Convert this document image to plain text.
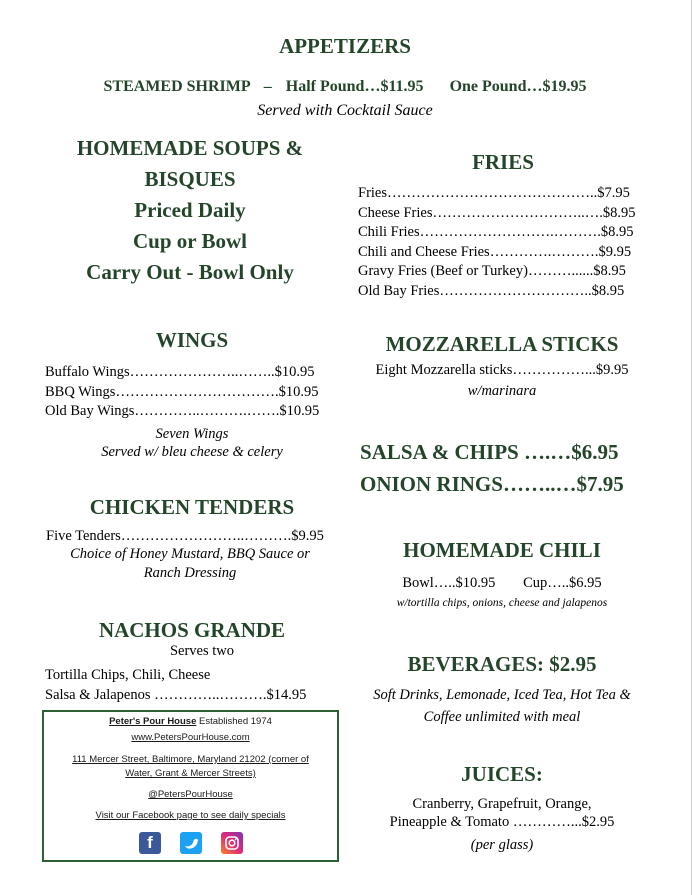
APPETIZERS
STEAMED SHRIMP – Half Pound…$11.95 One Pound…$19.95
Served with Cocktail Sauce
HOMEMADE SOUPS &
BISQUES
Priced Daily
Cup or Bowl
Carry Out - Bowl Only
FRIES
Fries……………………………………..$7.95
Cheese Fries…………………………..….$8.95
Chili Fries……………………….……….$8.95
Chili and Cheese Fries………….……….$9.95
Gravy Fries (Beef or Turkey)………......$8.95
Old Bay Fries…………………………..$8.95
WINGS
Buffalo Wings…………………..……..$10.95
BBQ Wings…………………………….$10.95
Old Bay Wings…………..……….…….$10.95
Seven Wings
Served w/ bleu cheese & celery
MOZZARELLA STICKS
Eight Mozzarella sticks……………...$9.95
w/marinara
SALSA & CHIPS ….…$6.95
ONION RINGS……..…$7.95
CHICKEN TENDERS
Five Tenders……………………..……….$9.95
Choice of Honey Mustard, BBQ Sauce or
Ranch Dressing
HOMEMADE CHILI
Bowl…..$10.95 Cup…..$6.95
w/tortilla chips, onions, cheese and jalapenos
NACHOS GRANDE
Serves two
Tortilla Chips, Chili, Cheese
Salsa & Jalapenos …………..……….$14.95
BEVERAGES: $2.95
Soft Drinks, Lemonade, Iced Tea, Hot Tea &
Coffee unlimited with meal
JUICES:
Cranberry, Grapefruit, Orange,
Pineapple & Tomato …………...$2.95
(per glass)
Peter's Pour House Established 1974
www.PetersPourHouse.com
111 Mercer Street, Baltimore, Maryland 21202 (corner of
Water, Grant & Mercer Streets)
@PetersPourHouse
Visit our Facebook page to see daily specials
f
